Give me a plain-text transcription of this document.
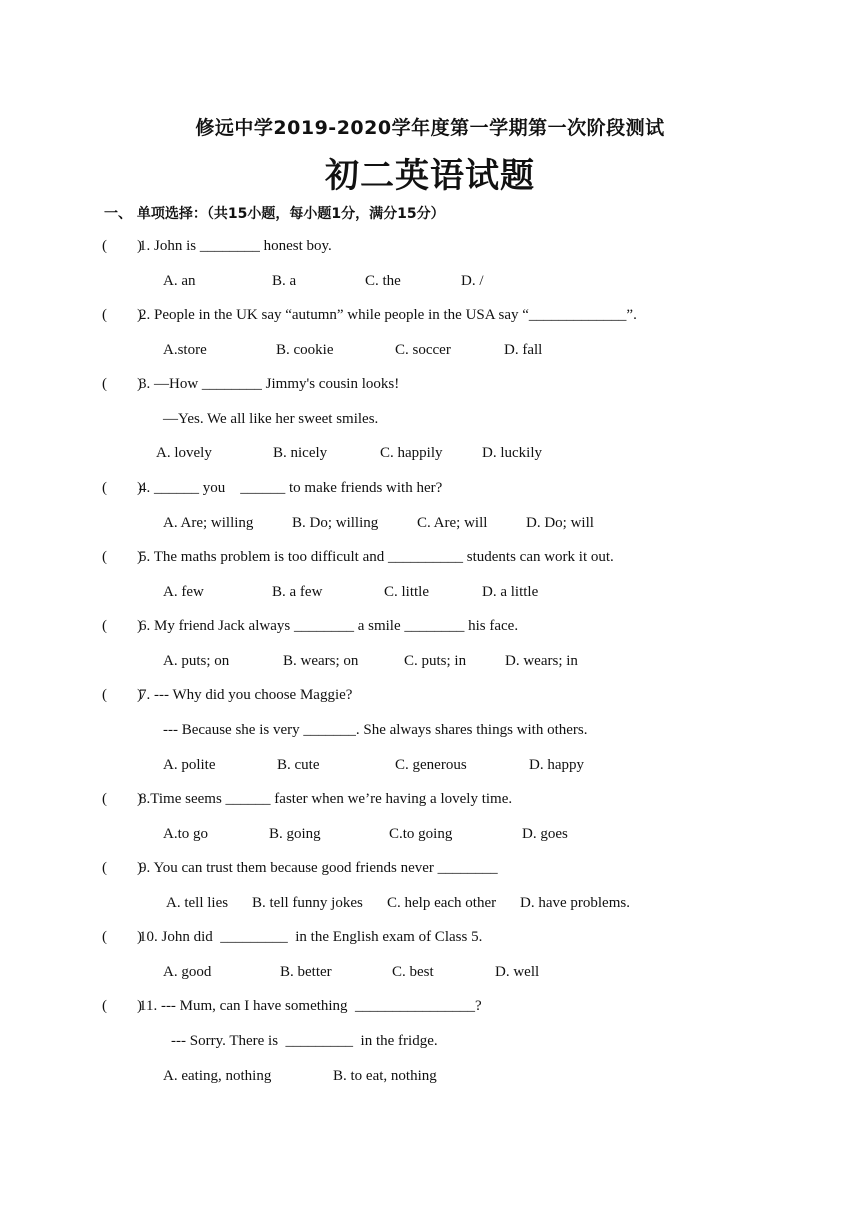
修远中学2019-2020学年度第一学期第一次阶段测试
初二英语试题
一、 单项选择：（共15小题，每小题1分，满分15分）
(        )1. John is ________ honest boy.
A. an	B. a	C. the	D. /
(        )2. People in the UK say “autumn” while people in the USA say “_____________”.
A.store	B. cookie	C. soccer	D. fall
(        )3. —How ________ Jimmy's cousin looks!
—Yes. We all like her sweet smiles.
A. lovely	B. nicely	C. happily	D. luckily
(        )4. ______ you    ______ to make friends with her?
A. Are; willing	B. Do; willing	C. Are; will	D. Do; will
(        )5. The maths problem is too difficult and __________ students can work it out.
A. few	B. a few	C. little	D. a little
(        )6. My friend Jack always ________ a smile ________ his face.
A. puts; on	B. wears; on	C. puts; in	D. wears; in
(        )7. --- Why did you choose Maggie?
--- Because she is very _______. She always shares things with others.
A. polite	B. cute	C. generous	D. happy
(        )8.Time seems ______ faster when we’re having a lovely time.
A.to go	B. going	C.to going	D. goes
(        )9. You can trust them because good friends never ________
A. tell lies B. tell funny jokes C. help each other D. have problems.
(        )10. John did  _________  in the English exam of Class 5.
A. good	B. better	C. best	D. well
(        )11. --- Mum, can I have something  ________________?
--- Sorry. There is  _________  in the fridge.
A. eating, nothing	B. to eat, nothing
